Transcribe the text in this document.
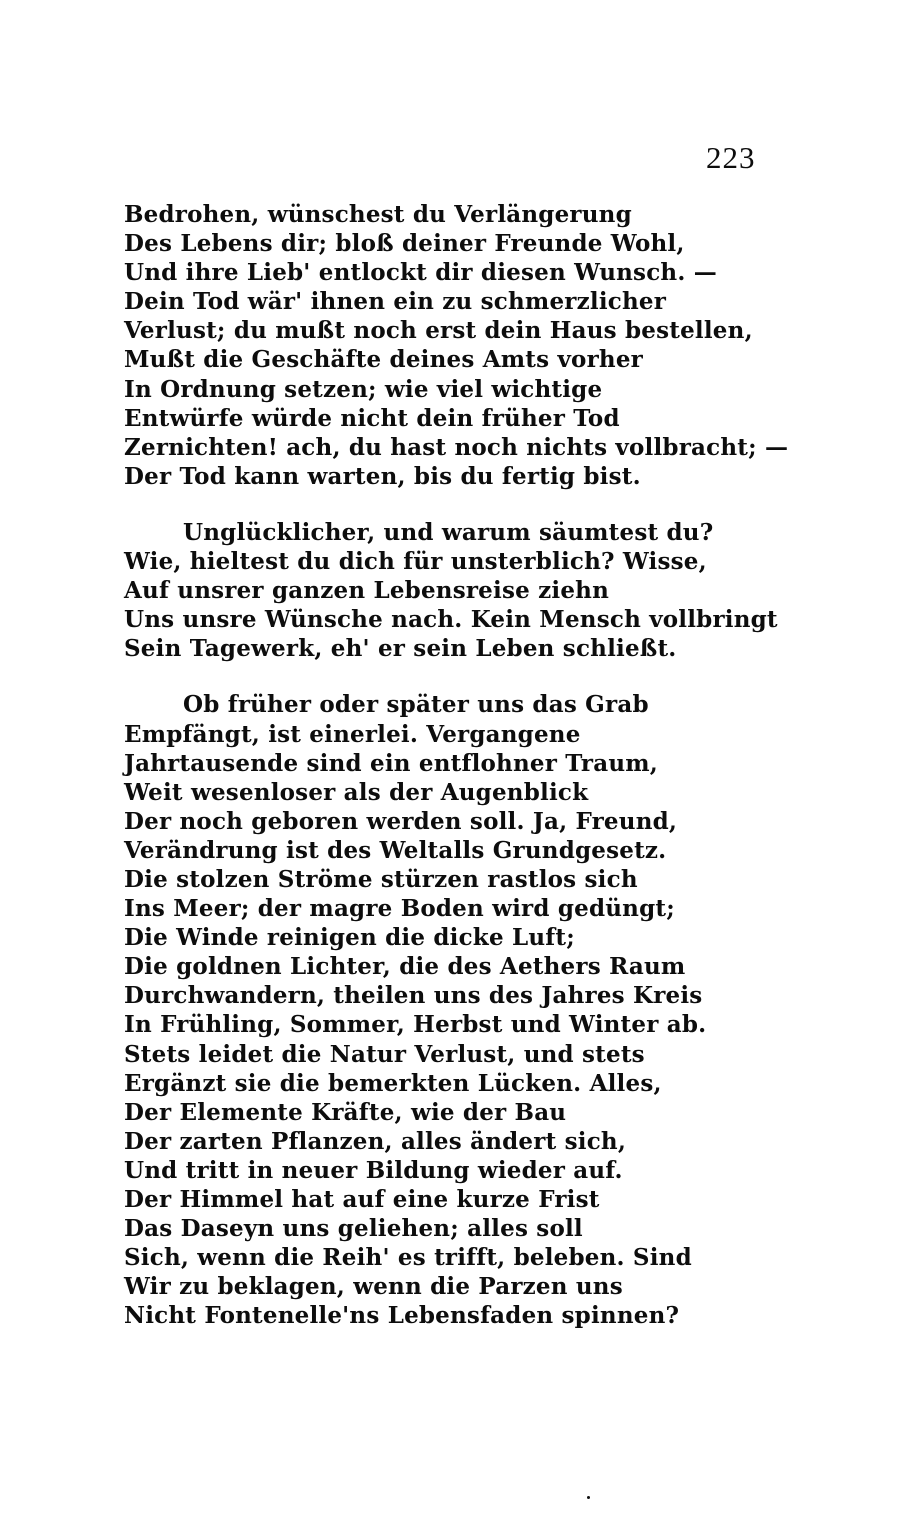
223
Bedrohen, wünschest du Verlängerung
Des Lebens dir; bloß deiner Freunde Wohl,
Und ihre Lieb' entlockt dir diesen Wunsch. —
Dein Tod wär' ihnen ein zu schmerzlicher
Verlust; du mußt noch erst dein Haus bestellen,
Mußt die Geschäfte deines Amts vorher
In Ordnung setzen; wie viel wichtige
Entwürfe würde nicht dein früher Tod
Zernichten! ach, du hast noch nichts vollbracht; —
Der Tod kann warten, bis du fertig bist.
Unglücklicher, und warum säumtest du?
Wie, hieltest du dich für unsterblich? Wisse,
Auf unsrer ganzen Lebensreise ziehn
Uns unsre Wünsche nach. Kein Mensch vollbringt
Sein Tagewerk, eh' er sein Leben schließt.
Ob früher oder später uns das Grab
Empfängt, ist einerlei. Vergangene
Jahrtausende sind ein entflohner Traum,
Weit wesenloser als der Augenblick
Der noch geboren werden soll. Ja, Freund,
Verändrung ist des Weltalls Grundgesetz.
Die stolzen Ströme stürzen rastlos sich
Ins Meer; der magre Boden wird gedüngt;
Die Winde reinigen die dicke Luft;
Die goldnen Lichter, die des Aethers Raum
Durchwandern, theilen uns des Jahres Kreis
In Frühling, Sommer, Herbst und Winter ab.
Stets leidet die Natur Verlust, und stets
Ergänzt sie die bemerkten Lücken. Alles,
Der Elemente Kräfte, wie der Bau
Der zarten Pflanzen, alles ändert sich,
Und tritt in neuer Bildung wieder auf.
Der Himmel hat auf eine kurze Frist
Das Daseyn uns geliehen; alles soll
Sich, wenn die Reih' es trifft, beleben. Sind
Wir zu beklagen, wenn die Parzen uns
Nicht Fontenelle'ns Lebensfaden spinnen?
